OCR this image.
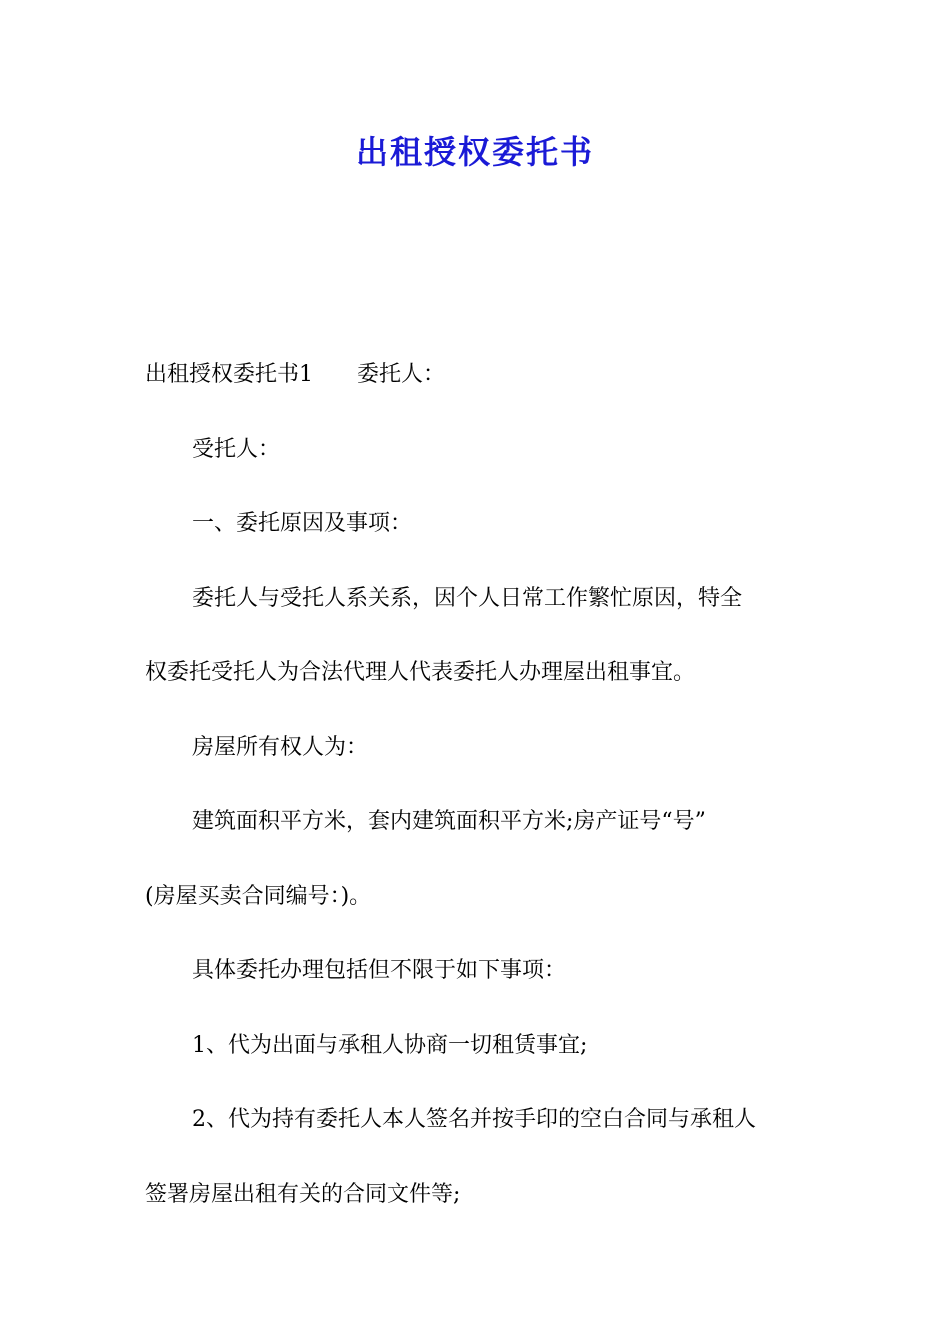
出租授权委托书
出租授权委托书1 委托人：
受托人：
一、委托原因及事项：
委托人与受托人系关系，因个人日常工作繁忙原因，特全
权委托受托人为合法代理人代表委托人办理屋出租事宜。
房屋所有权人为：
建筑面积平方米，套内建筑面积平方米;房产证号“号”
(房屋买卖合同编号：)。
具体委托办理包括但不限于如下事项：
1、代为出面与承租人协商一切租赁事宜;
2、代为持有委托人本人签名并按手印的空白合同与承租人
签署房屋出租有关的合同文件等;
